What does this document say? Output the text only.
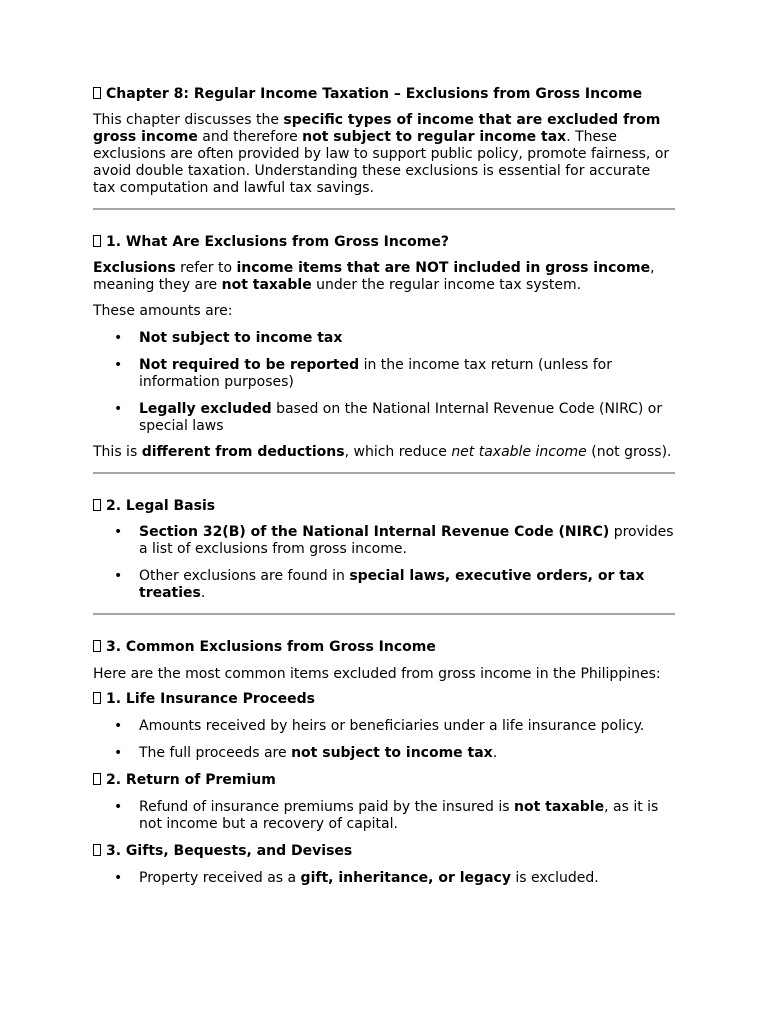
Chapter 8: Regular Income Taxation – Exclusions from Gross Income

This chapter discusses the specific types of income that are excluded from gross income and therefore not subject to regular income tax. These exclusions are often provided by law to support public policy, promote fairness, or avoid double taxation. Understanding these exclusions is essential for accurate tax computation and lawful tax savings.

1. What Are Exclusions from Gross Income?

Exclusions refer to income items that are NOT included in gross income, meaning they are not taxable under the regular income tax system.

These amounts are:

• Not subject to income tax
• Not required to be reported in the income tax return (unless for information purposes)
• Legally excluded based on the National Internal Revenue Code (NIRC) or special laws

This is different from deductions, which reduce net taxable income (not gross).

2. Legal Basis
• Section 32(B) of the National Internal Revenue Code (NIRC) provides a list of exclusions from gross income.
• Other exclusions are found in special laws, executive orders, or tax treaties.
3. Common Exclusions from Gross Income

Here are the most common items excluded from gross income in the Philippines:

1. Life Insurance Proceeds
• Amounts received by heirs or beneficiaries under a life insurance policy.
• The full proceeds are not subject to income tax.
2. Return of Premium
• Refund of insurance premiums paid by the insured is not taxable, as it is not income but a recovery of capital.
3. Gifts, Bequests, and Devises
• Property received as a gift, inheritance, or legacy is excluded.
